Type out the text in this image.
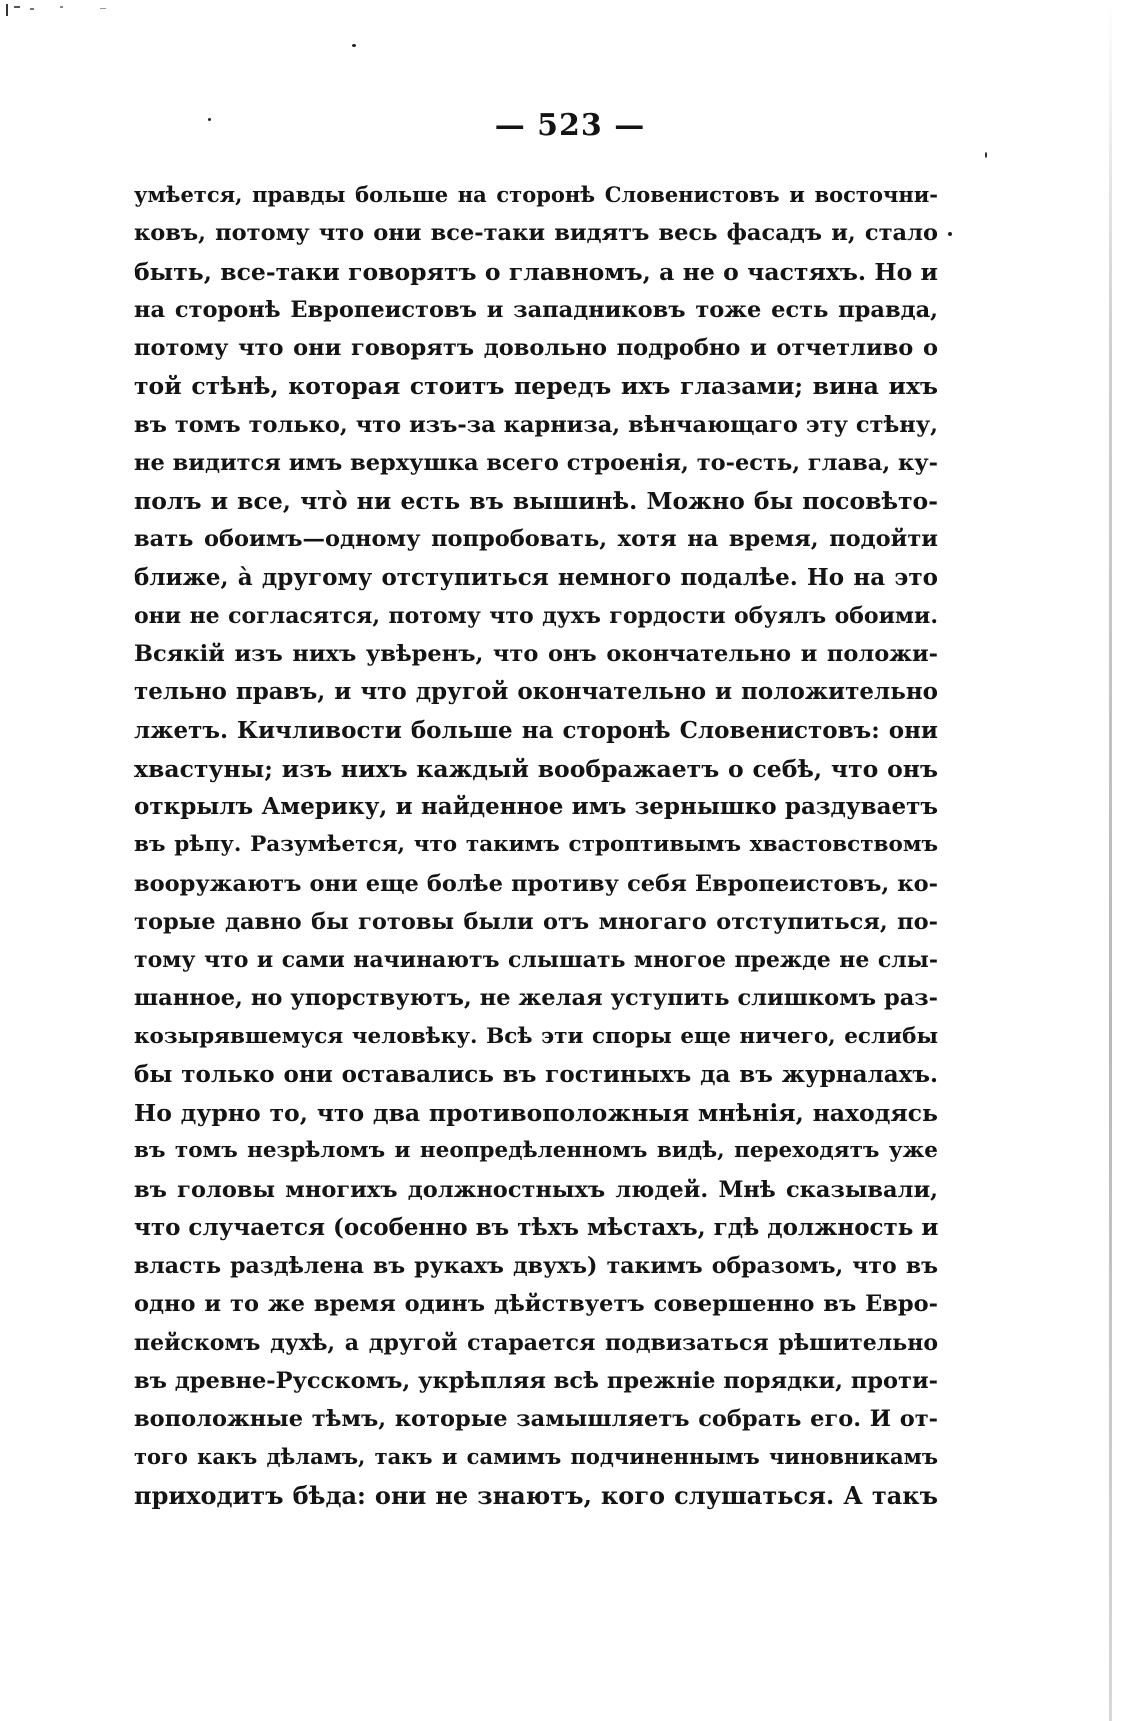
— 523 —
умѣется, правды больше на сторонѣ Словенистовъ и восточни-
ковъ, потому что они все-таки видятъ весь фасадъ и, стало
быть, все-таки говорятъ о главномъ, а не о частяхъ. Но и
на сторонѣ Европеистовъ и западниковъ тоже есть правда,
потому что они говорятъ довольно подробно и отчетливо о
той стѣнѣ, которая стоитъ передъ ихъ глазами; вина ихъ
въ томъ только, что изъ-за карниза, вѣнчающаго эту стѣну,
не видится имъ верхушка всего строенія, то-есть, глава, ку-
полъ и все, чтò ни есть въ вышинѣ. Можно бы посовѣто-
вать обоимъ—одному попробовать, хотя на время, подойти
ближе, à другому отступиться немного подалѣе. Но на это
они не согласятся, потому что духъ гордости обуялъ обоими.
Всякій изъ нихъ увѣренъ, что онъ окончательно и положи-
тельно правъ, и что другой окончательно и положительно
лжетъ. Кичливости больше на сторонѣ Словенистовъ: они
хвастуны; изъ нихъ каждый воображаетъ о себѣ, что онъ
открылъ Америку, и найденное имъ зернышко раздуваетъ
въ рѣпу. Разумѣется, что такимъ строптивымъ хвастовствомъ
вооружаютъ они еще болѣе противу себя Европеистовъ, ко-
торые давно бы готовы были отъ многаго отступиться, по-
тому что и сами начинаютъ слышать многое прежде не слы-
шанное, но упорствуютъ, не желая уступить слишкомъ раз-
козырявшемуся человѣку. Всѣ эти споры еще ничего, еслибы
бы только они оставались въ гостиныхъ да въ журналахъ.
Но дурно то, что два противоположныя мнѣнія, находясь
въ томъ незрѣломъ и неопредѣленномъ видѣ, переходятъ уже
въ головы многихъ должностныхъ людей. Мнѣ сказывали,
что случается (особенно въ тѣхъ мѣстахъ, гдѣ должность и
власть раздѣлена въ рукахъ двухъ) такимъ образомъ, что въ
одно и то же время одинъ дѣйствуетъ совершенно въ Евро-
пейскомъ духѣ, а другой старается подвизаться рѣшительно
въ древне-Русскомъ, укрѣпляя всѣ прежніе порядки, проти-
воположные тѣмъ, которые замышляетъ собрать его. И от-
того какъ дѣламъ, такъ и самимъ подчиненнымъ чиновникамъ
приходитъ бѣда: они не знаютъ, кого слушаться. А такъ
